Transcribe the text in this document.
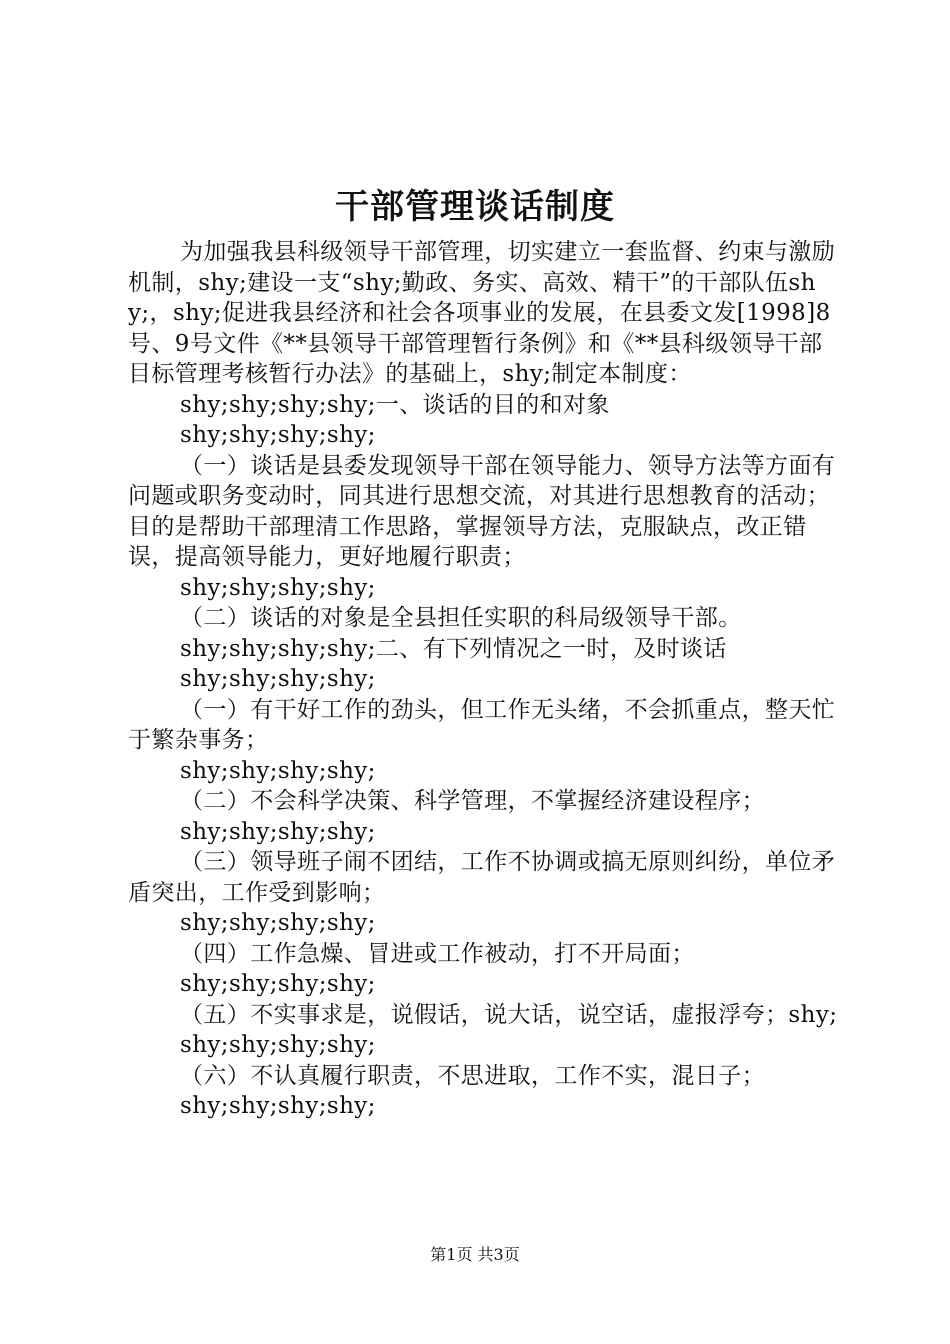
干部管理谈话制度

为加强我县科级领导干部管理，切实建立一套监督、约束与激励机制，shy;建设一支“shy;勤政、务实、高效、精干”的干部队伍shy;，shy;促进我县经济和社会各项事业的发展，在县委文发[1998]8号、9号文件《**县领导干部管理暂行条例》和《**县科级领导干部目标管理考核暂行办法》的基础上，shy;制定本制度：

shy;shy;shy;shy;一、谈话的目的和对象

shy;shy;shy;shy;

（一）谈话是县委发现领导干部在领导能力、领导方法等方面有问题或职务变动时，同其进行思想交流，对其进行思想教育的活动；目的是帮助干部理清工作思路，掌握领导方法，克服缺点，改正错误，提高领导能力，更好地履行职责；

shy;shy;shy;shy;

（二）谈话的对象是全县担任实职的科局级领导干部。

shy;shy;shy;shy;二、有下列情况之一时，及时谈话

shy;shy;shy;shy;

（一）有干好工作的劲头，但工作无头绪，不会抓重点，整天忙于繁杂事务；

shy;shy;shy;shy;

（二）不会科学决策、科学管理，不掌握经济建设程序；

shy;shy;shy;shy;

（三）领导班子闹不团结，工作不协调或搞无原则纠纷，单位矛盾突出，工作受到影响；

shy;shy;shy;shy;

（四）工作急燥、冒进或工作被动，打不开局面；

shy;shy;shy;shy;

（五）不实事求是，说假话，说大话，说空话，虚报浮夸；shy;

shy;shy;shy;shy;

（六）不认真履行职责，不思进取，工作不实，混日子；

shy;shy;shy;shy;

第1页 共3页
